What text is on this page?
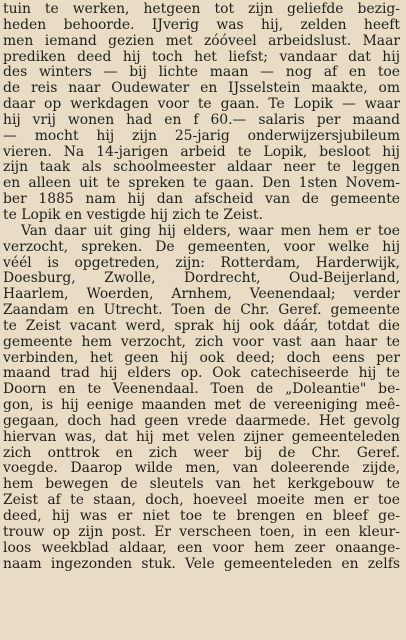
tuin te werken, hetgeen tot zijn geliefde bezig-
heden behoorde. IJverig was hij, zelden heeft
men iemand gezien met zóóveel arbeidslust. Maar
prediken deed hij toch het liefst; vandaar dat hij
des winters — bij lichte maan — nog af en toe
de reis naar Oudewater en IJsselstein maakte, om
daar op werkdagen voor te gaan. Te Lopik — waar
hij vrij wonen had en f 60.— salaris per maand
— mocht hij zijn 25-jarig onderwijzersjubileum
vieren. Na 14-jarigen arbeid te Lopik, besloot hij
zijn taak als schoolmeester aldaar neer te leggen
en alleen uit te spreken te gaan. Den 1sten Novem-
ber 1885 nam hij dan afscheid van de gemeente
te Lopik en vestigde hij zich te Zeist.
Van daar uit ging hij elders, waar men hem er toe
verzocht, spreken. De gemeenten, voor welke hij
véél is opgetreden, zijn: Rotterdam, Harderwijk,
Doesburg, Zwolle, Dordrecht, Oud-Beijerland,
Haarlem, Woerden, Arnhem, Veenendaal; verder
Zaandam en Utrecht. Toen de Chr. Geref. gemeente
te Zeist vacant werd, sprak hij ook dáár, totdat die
gemeente hem verzocht, zich voor vast aan haar te
verbinden, het geen hij ook deed; doch eens per
maand trad hij elders op. Ook catechiseerde hij te
Doorn en te Veenendaal. Toen de „Doleantie" be-
gon, is hij eenige maanden met de vereeniging meê-
gegaan, doch had geen vrede daarmede. Het gevolg
hiervan was, dat hij met velen zijner gemeenteleden
zich onttrok en zich weer bij de Chr. Geref.
voegde. Daarop wilde men, van doleerende zijde,
hem bewegen de sleutels van het kerkgebouw te
Zeist af te staan, doch, hoeveel moeite men er toe
deed, hij was er niet toe te brengen en bleef ge-
trouw op zijn post. Er verscheen toen, in een kleur-
loos weekblad aldaar, een voor hem zeer onaange-
naam ingezonden stuk. Vele gemeenteleden en zelfs
